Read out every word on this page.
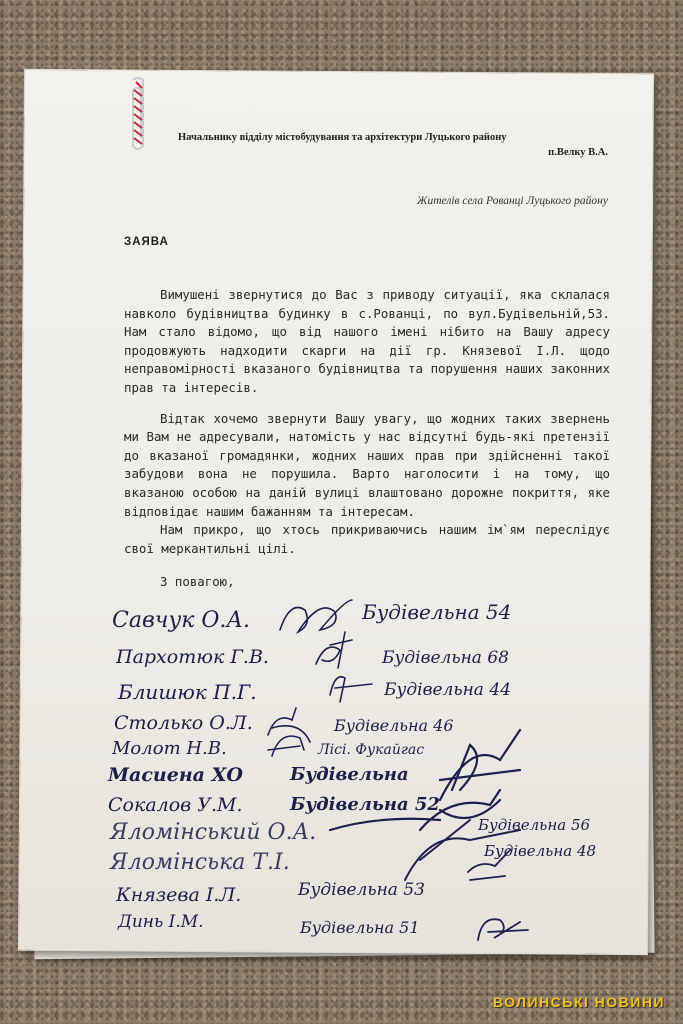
Начальнику відділу містобудування та архітектури Луцького району
п.Велку В.А.
Жителів села Рованці Луцького району
ЗАЯВА

Вимушені звернутися до Вас з приводу ситуації, яка склалася навколо будівництва будинку в с.Рованці, по вул.Будівельній,53. Нам стало відомо, що від нашого імені нібито на Вашу адресу продовжують надходити скарги на дії гр. Князевої І.Л. щодо неправомірності вказаного будівництва та порушення наших законних прав та інтересів.

Відтак хочемо звернути Вашу увагу, що жодних таких звернень ми Вам не адресували, натомість у нас відсутні будь-які претензії до вказаної громадянки, жодних наших прав при здійсненні такої забудови вона не порушила. Варто наголосити і на тому, що вказаною особою на даній вулиці влаштовано дорожне покриття, яке відповідає нашим бажанням та інтересам.

Нам прикро, що хтось прикриваючись нашим ім`ям переслідує свої меркантильні цілі.

З повагою,
Савчук О.А.	Будівельна 54
Пархотюк Г.В.	Будівельна 68
Блишюк П.Г.	Будівельна 44
Столько О.Л.	Будівельна 46
Молот Н.В.	Лісі. Фукайгас
Масиена ХО	Будівельна
Сокалов У.М.	Будівельна 52
Яломінський О.А.	Будівельна 56
Яломінська Т.І.	Будівельна 48
Князева І.Л.	Будівельна 53
Динь І.М.	Будівельна 51
ВОЛИНСЬКІ НОВИНИ
